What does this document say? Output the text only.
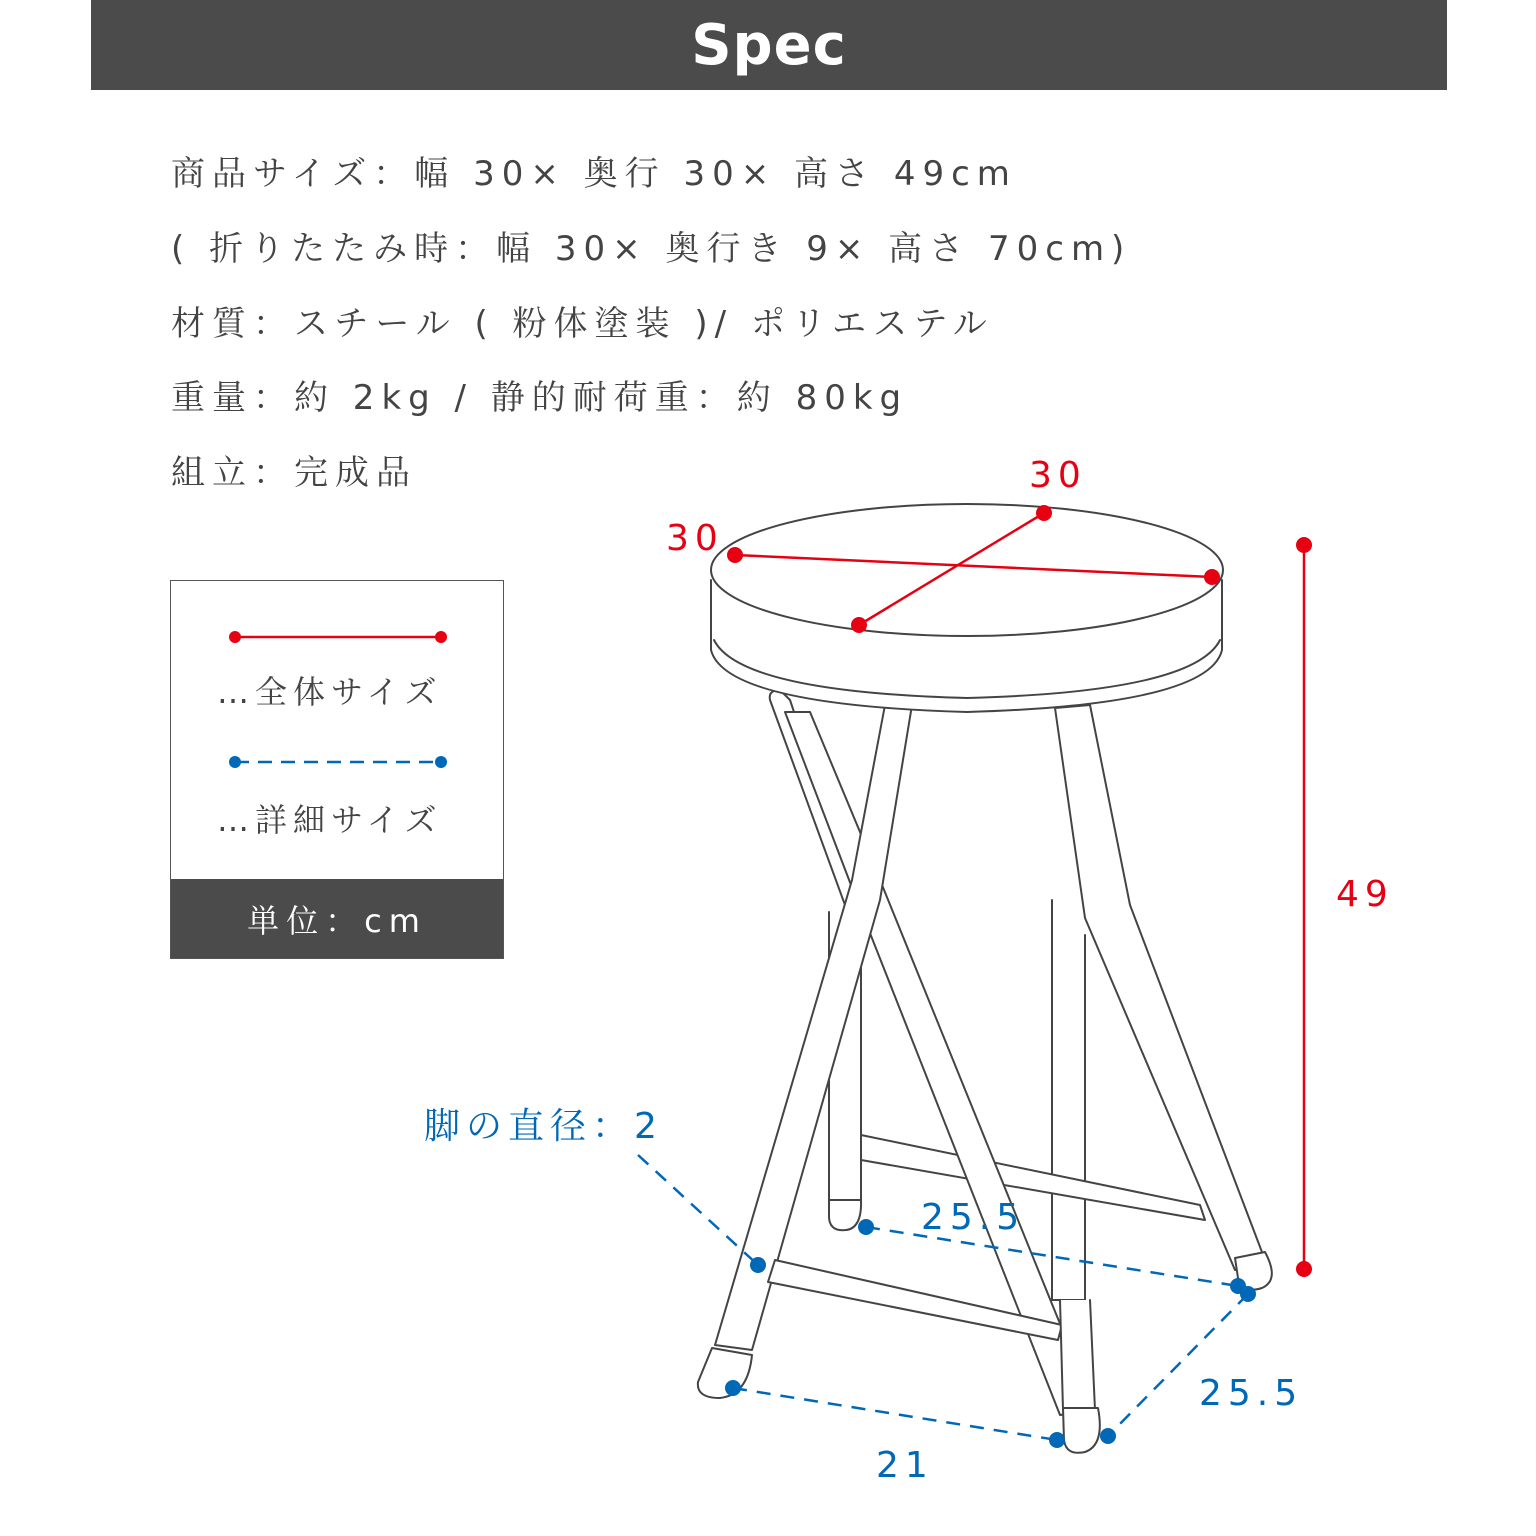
Spec
商品サイズ：幅 30× 奥行 30× 高さ 49cm
( 折りたたみ時：幅 30× 奥行き 9× 高さ 70cm)
材質：スチール ( 粉体塗装 )/ ポリエステル
重量：約 2kg / 静的耐荷重：約 80kg
組立：完成品
…全体サイズ
…詳細サイズ
単位：cm
30
30
49
脚の直径：2
25.5
25.5
21
